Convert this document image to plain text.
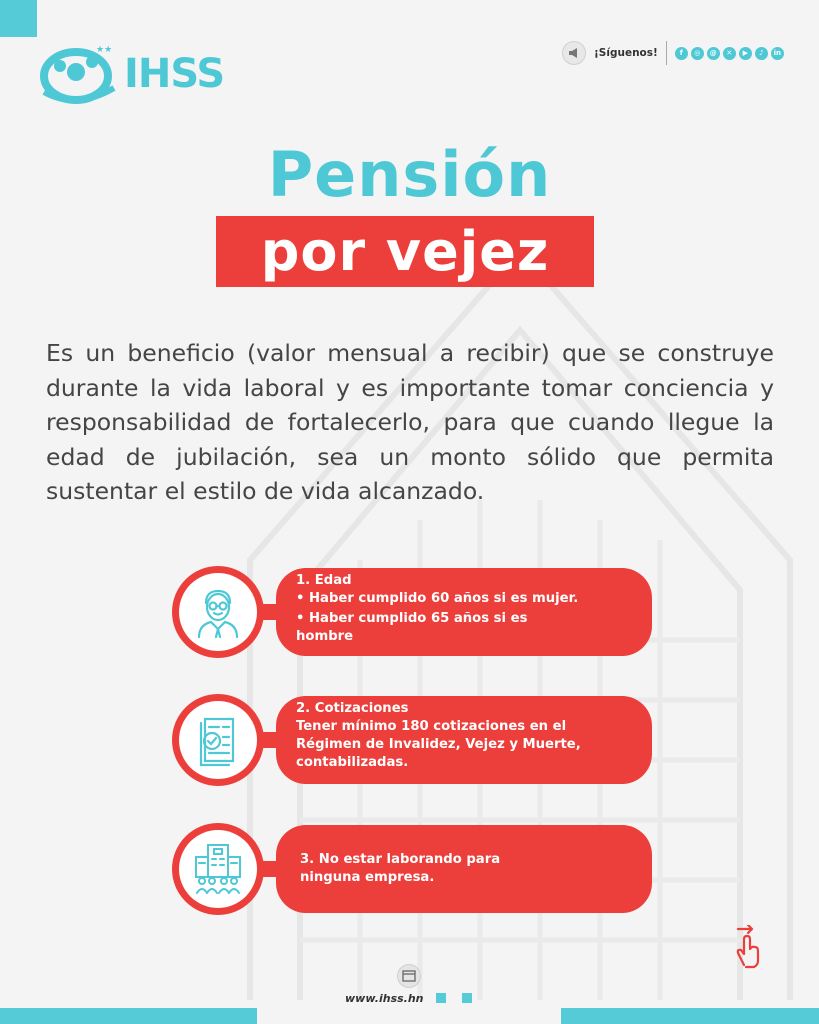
★★
IHSS	¡Síguenos!	f	◎	@	✕	▶	♪	in
Pensión
por vejez

Es un beneficio (valor mensual a recibir) que se construye durante la vida laboral y es importante tomar conciencia y responsabilidad de fortalecerlo, para que cuando llegue la edad de jubilación, sea un monto sólido que permita sustentar el estilo de vida alcanzado.

1. Edad
• Haber cumplido 60 años si es mujer.
• Haber cumplido 65 años si es
hombre
2. Cotizaciones
Tener mínimo 180 cotizaciones en el
Régimen de Invalidez, Vejez y Muerte,
contabilizadas.
3. No estar laborando para
ninguna empresa.
www.ihss.hn
